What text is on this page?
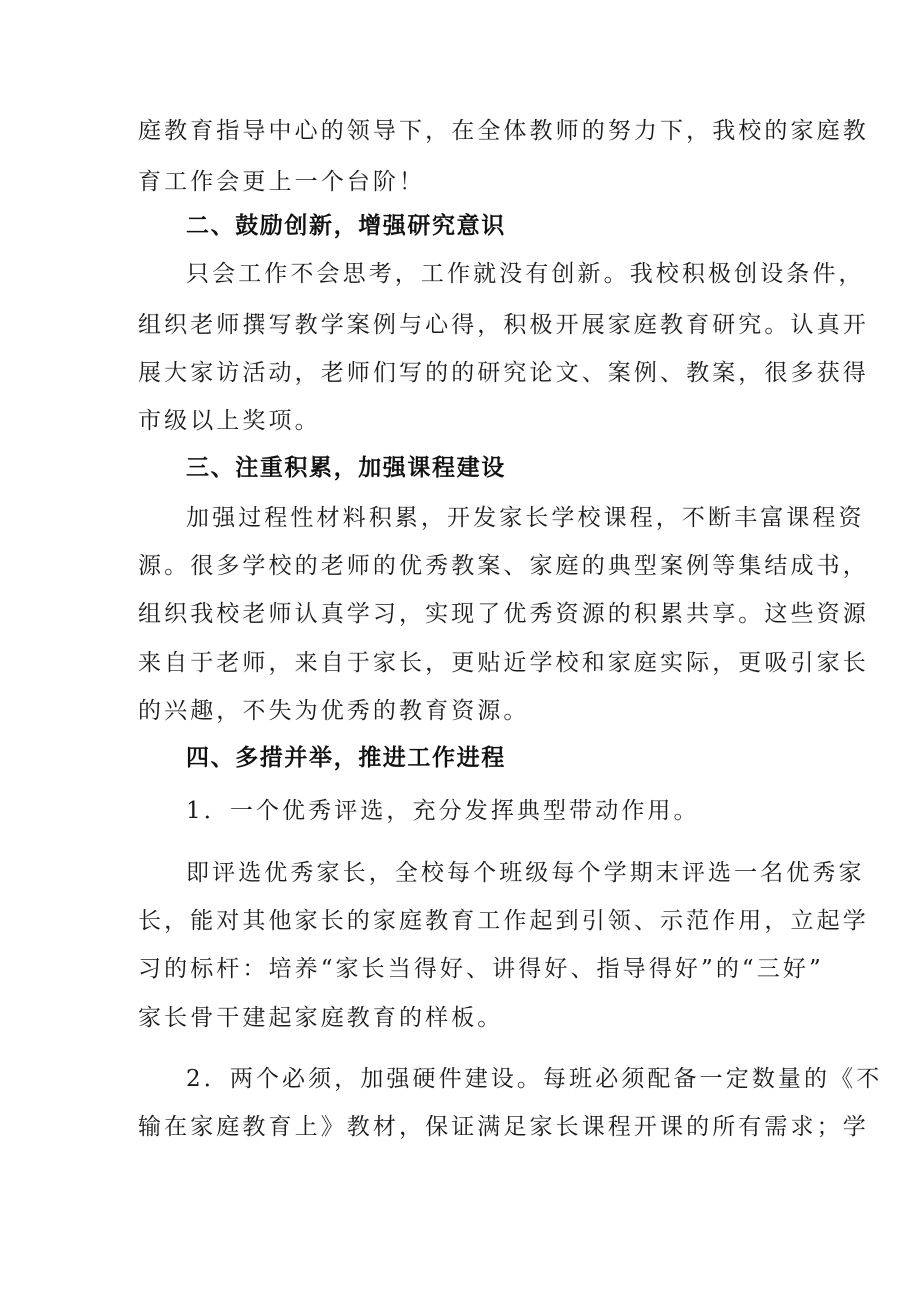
庭教育指导中心的领导下，在全体教师的努力下，我校的家庭教
育工作会更上一个台阶！
二、鼓励创新，增强研究意识
只会工作不会思考，工作就没有创新。我校积极创设条件，
组织老师撰写教学案例与心得，积极开展家庭教育研究。认真开
展大家访活动，老师们写的的研究论文、案例、教案，很多获得
市级以上奖项。
三、注重积累，加强课程建设
加强过程性材料积累，开发家长学校课程，不断丰富课程资
源。很多学校的老师的优秀教案、家庭的典型案例等集结成书，
组织我校老师认真学习，实现了优秀资源的积累共享。这些资源
来自于老师，来自于家长，更贴近学校和家庭实际，更吸引家长
的兴趣，不失为优秀的教育资源。
四、多措并举，推进工作进程
1．一个优秀评选，充分发挥典型带动作用。
即评选优秀家长，全校每个班级每个学期末评选一名优秀家
长，能对其他家长的家庭教育工作起到引领、示范作用，立起学
习的标杆：培养“家长当得好、讲得好、指导得好”的“三好”
家长骨干建起家庭教育的样板。
2．两个必须，加强硬件建设。每班必须配备一定数量的《不
输在家庭教育上》教材，保证满足家长课程开课的所有需求；学
